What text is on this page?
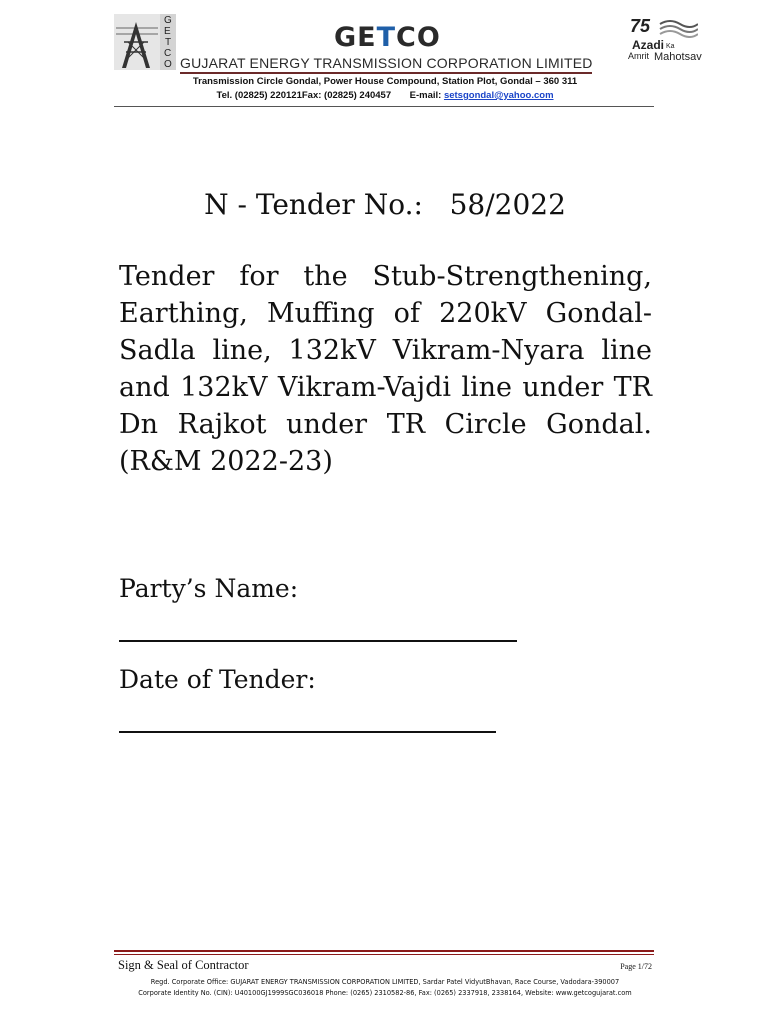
G
E
T
C
O
GETCO
GUJARAT ENERGY TRANSMISSION CORPORATION LIMITED
75
Azadi Ka
Amrit Mahotsav
Transmission Circle Gondal, Power House Compound, Station Plot, Gondal – 360 311
Tel. (02825) 220121Fax: (02825) 240457 E-mail: setsgondal@yahoo.com
N - Tender No.:   58/2022
Tender for the Stub-Strengthening, Earthing, Muffing of 220kV Gondal-Sadla line, 132kV Vikram-Nyara line and 132kV Vikram-Vajdi line under TR Dn Rajkot under TR Circle Gondal. (R&M 2022-23)
Party’s Name:
Date of Tender:
Sign & Seal of Contractor	Page 1/72
Regd. Corporate Office: GUJARAT ENERGY TRANSMISSION CORPORATION LIMITED, Sardar Patel VidyutBhavan, Race Course, Vadodara-390007
Corporate Identity No. (CIN): U40100GJ1999SGC036018 Phone: (0265) 2310582-86, Fax: (0265) 2337918, 2338164, Website: www.getcogujarat.com
